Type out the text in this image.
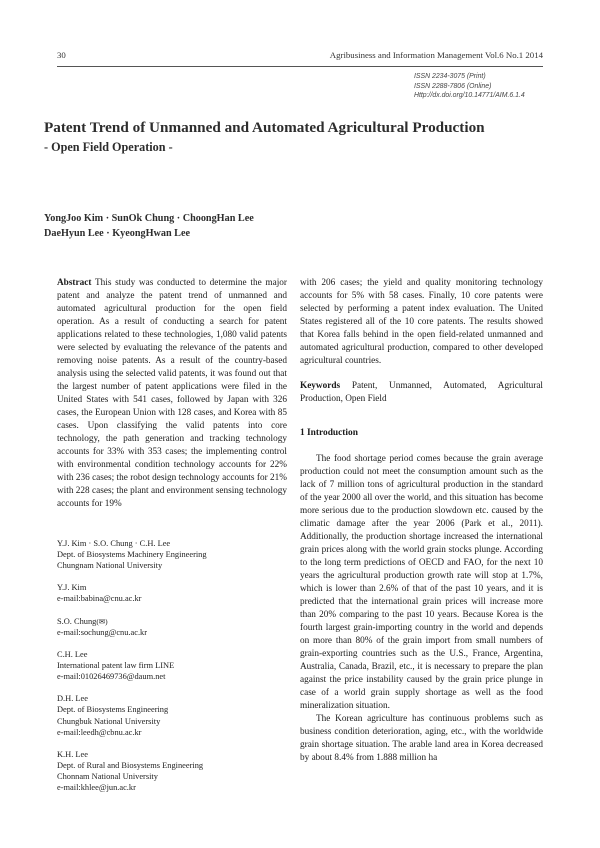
30	Agribusiness and Information Management Vol.6 No.1 2014
ISSN 2234-3075 (Print)
ISSN 2288-7806 (Online)
Http://dx.doi.org/10.14771/AIM.6.1.4
Patent Trend of Unmanned and Automated Agricultural Production
- Open Field Operation -
YongJoo Kim · SunOk Chung · ChoongHan Lee
DaeHyun Lee · KyeongHwan Lee

Abstract This study was conducted to determine the major patent and analyze the patent trend of unmanned and automated agricultural production for the open field operation. As a result of conducting a search for patent applications related to these technologies, 1,080 valid patents were selected by evaluating the relevance of the patents and removing noise patents. As a result of the country-based analysis using the selected valid patents, it was found out that the largest number of patent applications were filed in the United States with 541 cases, followed by Japan with 326 cases, the European Union with 128 cases, and Korea with 85 cases. Upon classifying the valid patents into core technology, the path generation and tracking technology accounts for 33% with 353 cases; the implementing control with environmental condition technology accounts for 22% with 236 cases; the robot design technology accounts for 21% with 228 cases; the plant and environment sensing technology accounts for 19%

Y.J. Kim · S.O. Chung · C.H. Lee
Dept. of Biosystems Machinery Engineering
Chungnam National University
Y.J. Kim
e-mail:babina@cnu.ac.kr
S.O. Chung(✉)
e-mail:sochung@cnu.ac.kr
C.H. Lee
International patent law firm LINE
e-mail:01026469736@daum.net
D.H. Lee
Dept. of Biosystems Engineering
Chungbuk National University
e-mail:leedh@cbnu.ac.kr
K.H. Lee
Dept. of Rural and Biosystems Engineering
Chonnam National University
e-mail:khlee@jun.ac.kr

with 206 cases; the yield and quality monitoring technology accounts for 5% with 58 cases. Finally, 10 core patents were selected by performing a patent index evaluation. The United States registered all of the 10 core patents. The results showed that Korea falls behind in the open field-related unmanned and automated agricultural production, compared to other developed agricultural countries.

Keywords Patent, Unmanned, Automated, Agricultural Production, Open Field

1 Introduction

The food shortage period comes because the grain average production could not meet the consumption amount such as the lack of 7 million tons of agricultural production in the standard of the year 2000 all over the world, and this situation has become more serious due to the production slowdown etc. caused by the climatic damage after the year 2006 (Park et al., 2011). Additionally, the production shortage increased the international grain prices along with the world grain stocks plunge. According to the long term predictions of OECD and FAO, for the next 10 years the agricultural production growth rate will stop at 1.7%, which is lower than 2.6% of that of the past 10 years, and it is predicted that the international grain prices will increase more than 20% comparing to the past 10 years. Because Korea is the fourth largest grain-importing country in the world and depends on more than 80% of the grain import from small numbers of grain-exporting countries such as the U.S., France, Argentina, Australia, Canada, Brazil, etc., it is necessary to prepare the plan against the price instability caused by the grain price plunge in case of a world grain supply shortage as well as the food mineralization situation.

The Korean agriculture has continuous problems such as business condition deterioration, aging, etc., with the worldwide grain shortage situation. The arable land area in Korea decreased by about 8.4% from 1.888 million ha
